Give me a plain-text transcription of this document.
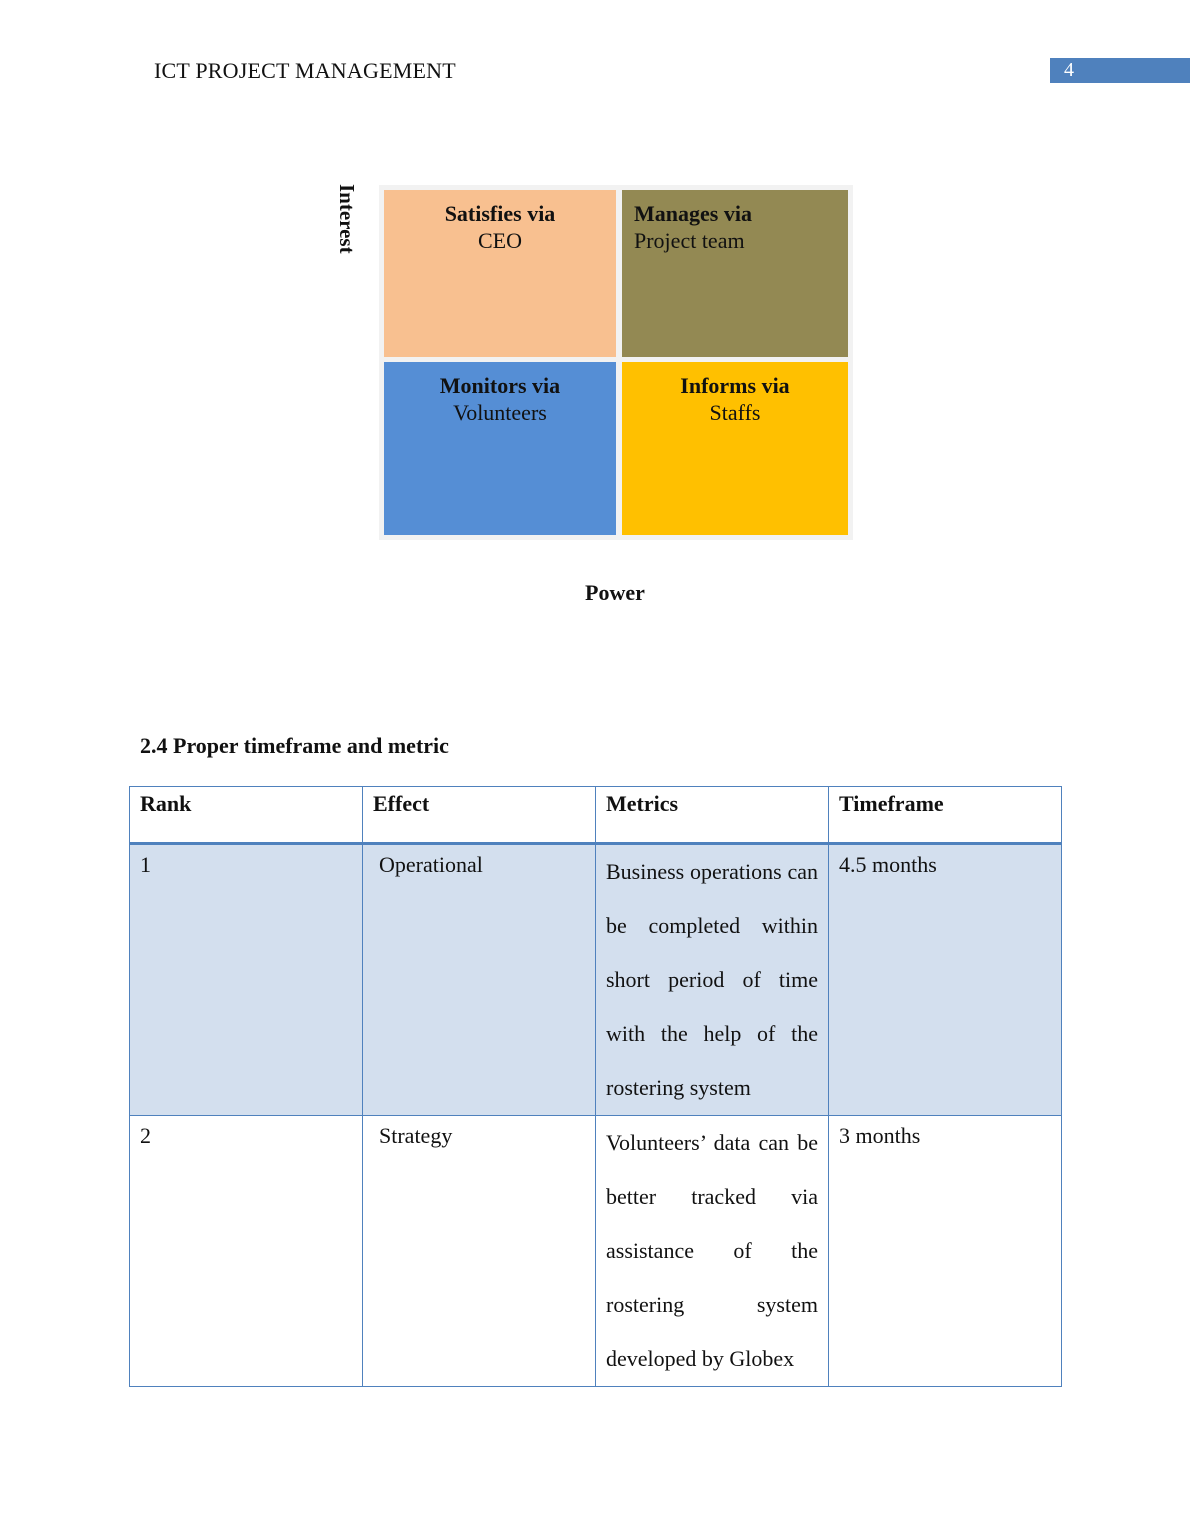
ICT PROJECT MANAGEMENT	4
Interest	Satisfies via
CEO
Manages via
Project team
Monitors via
Volunteers
Informs via
Staffs
Power
2.4 Proper timeframe and metric
Rank	Effect	Metrics	Timeframe
1	Operational	Business operations can be completed within short period of time with the help of the rostering system	4.5 months
2	Strategy	Volunteers’ data can be better tracked via assistance of the rostering system developed by Globex	3 months
